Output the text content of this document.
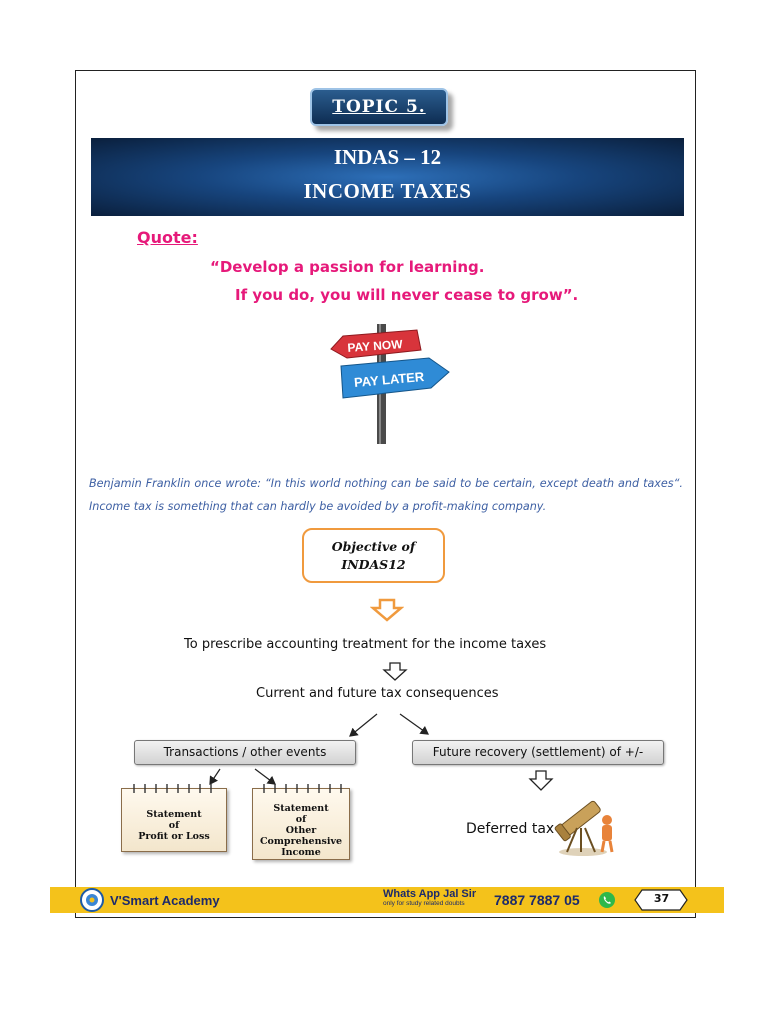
TOPIC 5.
INDAS – 12
INCOME TAXES
Quote:
“Develop a passion for learning.
If you do, you will never cease to grow”.
PAY NOW
PAY LATER
Benjamin Franklin once wrote: “In this world nothing can be said to be certain, except death and taxes“. Income tax is something that can hardly be avoided by a profit-making company.
Objective of
INDAS12
To prescribe accounting treatment for the income taxes
Current and future tax consequences
Transactions / other events	Future recovery (settlement) of +/-
Statement
of
Profit or Loss
Statement
of
Other
Comprehensive
Income
Deferred tax
V'Smart Academy	Whats App Jal Sir
only for study related doubts 7887 7887 05	37
